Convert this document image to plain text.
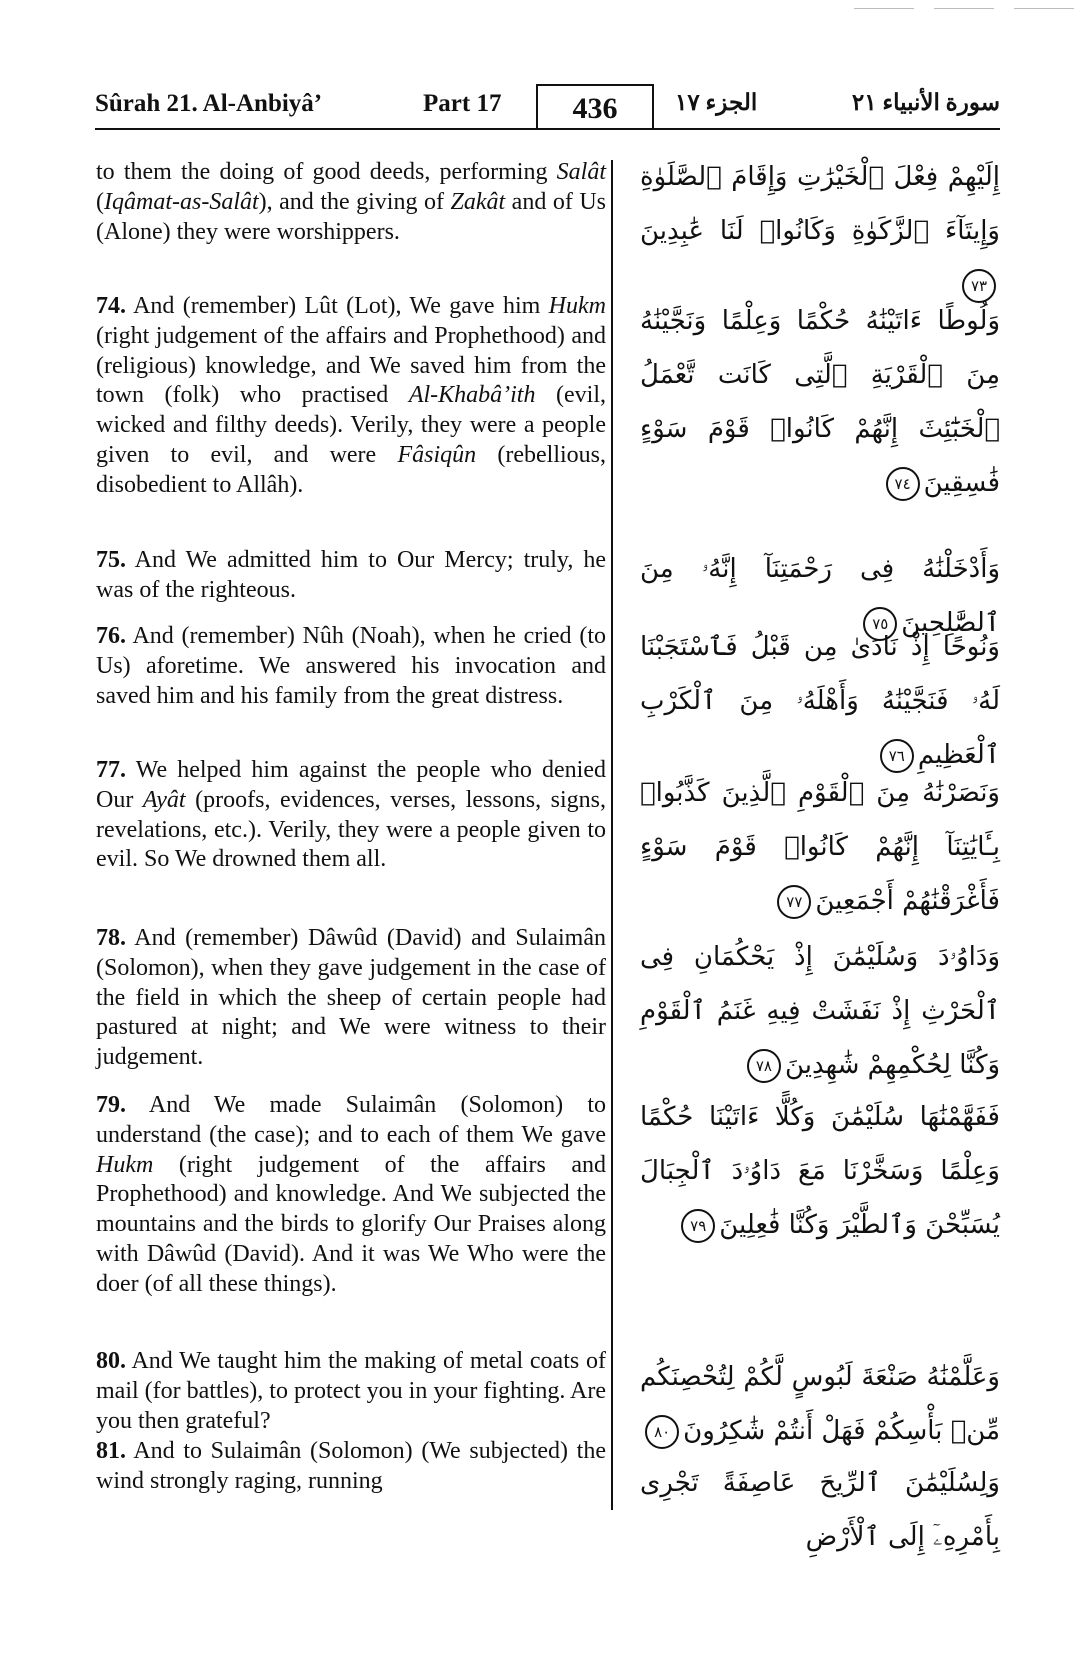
Sûrah 21. Al-Anbiyâ’	Part 17	436	الجزء ١٧	سورة الأنبياء ٢١
to them the doing of good deeds, performing Salât (Iqâmat-as-Salât), and the giving of Zakât and of Us (Alone) they were worshippers.
74. And (remember) Lût (Lot), We gave him Hukm (right judgement of the affairs and Prophethood) and (religious) knowledge, and We saved him from the town (folk) who practised Al-Khabâ’ith (evil, wicked and filthy deeds). Verily, they were a people given to evil, and were Fâsiqûn (rebellious, disobedient to Allâh).
75. And We admitted him to Our Mercy; truly, he was of the righteous.
76. And (remember) Nûh (Noah), when he cried (to Us) aforetime. We answered his invocation and saved him and his family from the great distress.
77. We helped him against the people who denied Our Ayât (proofs, evidences, verses, lessons, signs, revelations, etc.). Verily, they were a people given to evil. So We drowned them all.
78. And (remember) Dâwûd (David) and Sulaimân (Solomon), when they gave judgement in the case of the field in which the sheep of certain people had pastured at night; and We were witness to their judgement.
79. And We made Sulaimân (Solomon) to understand (the case); and to each of them We gave Hukm (right judgement of the affairs and Prophethood) and knowledge. And We subjected the mountains and the birds to glorify Our Praises along with Dâwûd (David). And it was We Who were the doer (of all these things).
80. And We taught him the making of metal coats of mail (for battles), to protect you in your fighting. Are you then grateful?
81. And to Sulaimân (Solomon) (We subjected) the wind strongly raging, running
إِلَيْهِمْ فِعْلَ ٱلْخَيْرَٰتِ وَإِقَامَ ٱلصَّلَوٰةِ وَإِيتَآءَ ٱلزَّكَوٰةِ وَكَانُوا۟ لَنَا عَٰبِدِينَ٧٣
وَلُوطًا ءَاتَيْنَٰهُ حُكْمًا وَعِلْمًا وَنَجَّيْنَٰهُ مِنَ ٱلْقَرْيَةِ ٱلَّتِى كَانَت تَّعْمَلُ ٱلْخَبَٰٓئِثَ إِنَّهُمْ كَانُوا۟ قَوْمَ سَوْءٍ فَٰسِقِينَ٧٤
وَأَدْخَلْنَٰهُ فِى رَحْمَتِنَآ إِنَّهُۥ مِنَ ٱلصَّٰلِحِينَ٧٥
وَنُوحًا إِذْ نَادَىٰ مِن قَبْلُ فَٱسْتَجَبْنَا لَهُۥ فَنَجَّيْنَٰهُ وَأَهْلَهُۥ مِنَ ٱلْكَرْبِ ٱلْعَظِيمِ٧٦
وَنَصَرْنَٰهُ مِنَ ٱلْقَوْمِ ٱلَّذِينَ كَذَّبُوا۟ بِـَٔايَٰتِنَآ إِنَّهُمْ كَانُوا۟ قَوْمَ سَوْءٍ فَأَغْرَقْنَٰهُمْ أَجْمَعِينَ٧٧
وَدَاوُۥدَ وَسُلَيْمَٰنَ إِذْ يَحْكُمَانِ فِى ٱلْحَرْثِ إِذْ نَفَشَتْ فِيهِ غَنَمُ ٱلْقَوْمِ وَكُنَّا لِحُكْمِهِمْ شَٰهِدِينَ٧٨
فَفَهَّمْنَٰهَا سُلَيْمَٰنَ وَكُلًّا ءَاتَيْنَا حُكْمًا وَعِلْمًا وَسَخَّرْنَا مَعَ دَاوُۥدَ ٱلْجِبَالَ يُسَبِّحْنَ وَٱلطَّيْرَ وَكُنَّا فَٰعِلِينَ٧٩
وَعَلَّمْنَٰهُ صَنْعَةَ لَبُوسٍ لَّكُمْ لِتُحْصِنَكُم مِّنۢ بَأْسِكُمْ فَهَلْ أَنتُمْ شَٰكِرُونَ٨٠
وَلِسُلَيْمَٰنَ ٱلرِّيحَ عَاصِفَةً تَجْرِى بِأَمْرِهِۦٓ إِلَى ٱلْأَرْضِ
